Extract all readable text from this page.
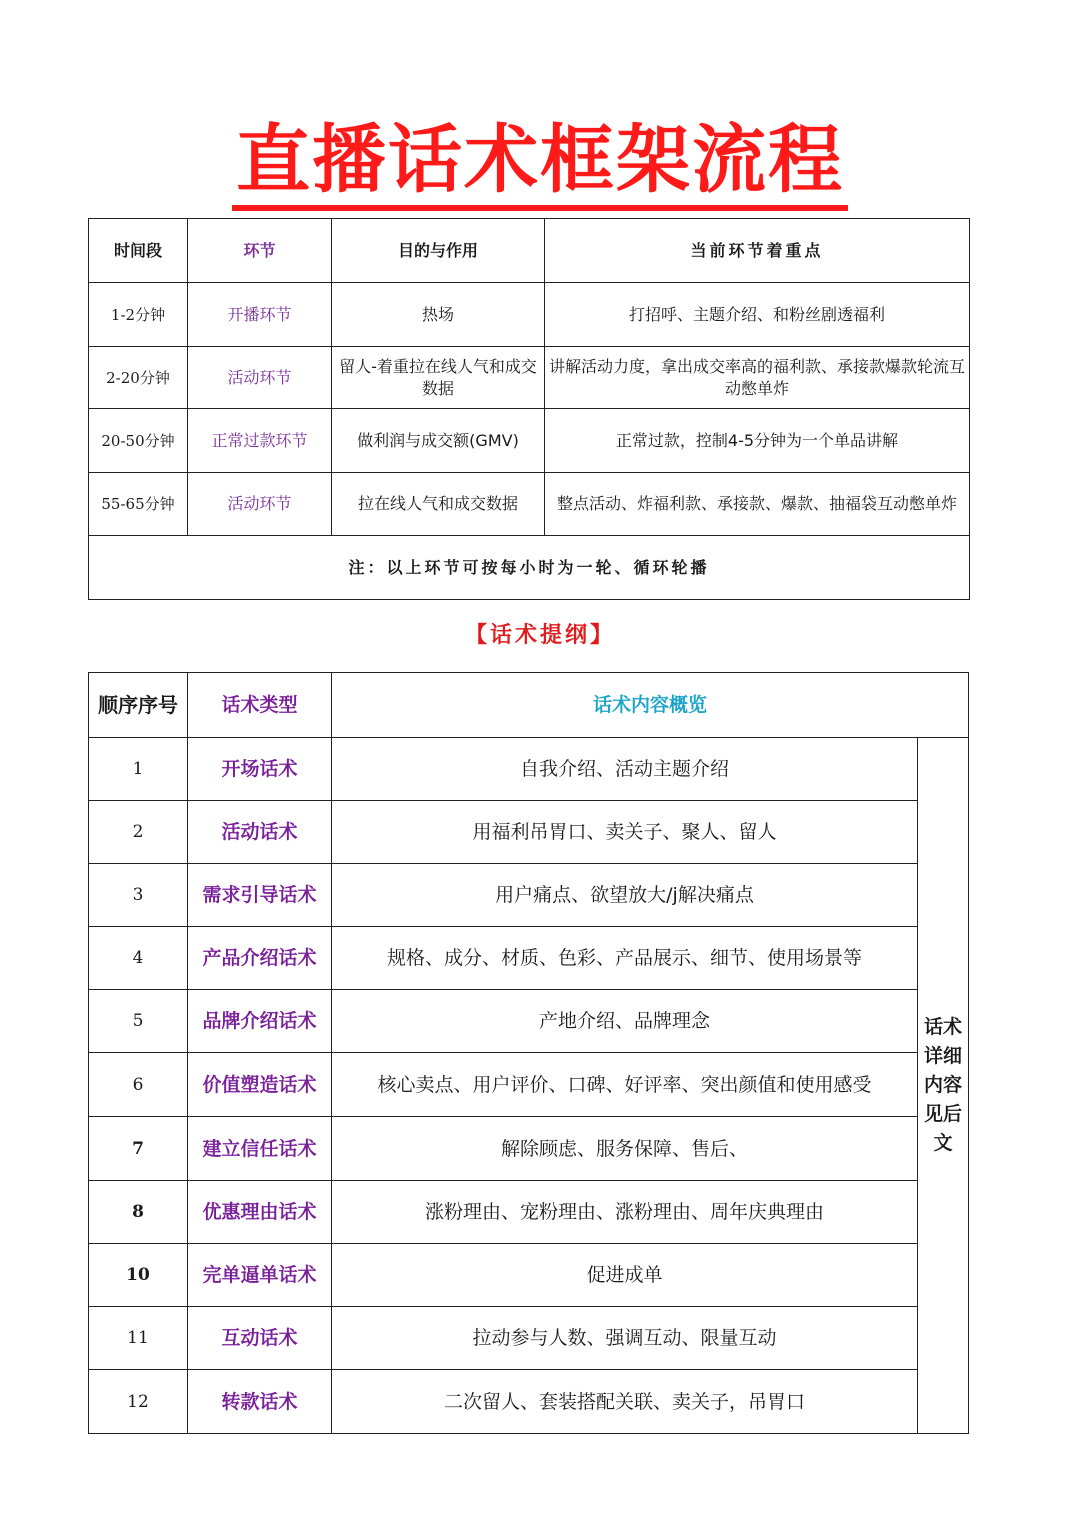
直播话术框架流程
时间段	环节	目的与作用	当前环节着重点
1-2分钟	开播环节	热场	打招呼、主题介绍、和粉丝剧透福利
2-20分钟	活动环节	留人-着重拉在线人气和成交数据	讲解活动力度，拿出成交率高的福利款、承接款爆款轮流互动憋单炸
20-50分钟	正常过款环节	做利润与成交额(GMV)	正常过款，控制4-5分钟为一个单品讲解
55-65分钟	活动环节	拉在线人气和成交数据	整点活动、炸福利款、承接款、爆款、抽福袋互动憋单炸
注：以上环节可按每小时为一轮、循环轮播			
【话术提纲】
顺序序号	话术类型	话术内容概览	
1	开场话术	自我介绍、活动主题介绍	话术详细内容见后文

2	活动话术	用福利吊胃口、卖关子、聚人、留人	
3	需求引导话术	用户痛点、欲望放大/j解决痛点	
4	产品介绍话术	规格、成分、材质、色彩、产品展示、细节、使用场景等	
5	品牌介绍话术	产地介绍、品牌理念	
6	价值塑造话术	核心卖点、用户评价、口碑、好评率、突出颜值和使用感受	
7	建立信任话术	解除顾虑、服务保障、售后、	
8	优惠理由话术	涨粉理由、宠粉理由、涨粉理由、周年庆典理由	
10	完单逼单话术	促进成单	
11	互动话术	拉动参与人数、强调互动、限量互动	
12	转款话术	二次留人、套装搭配关联、卖关子，吊胃口	
